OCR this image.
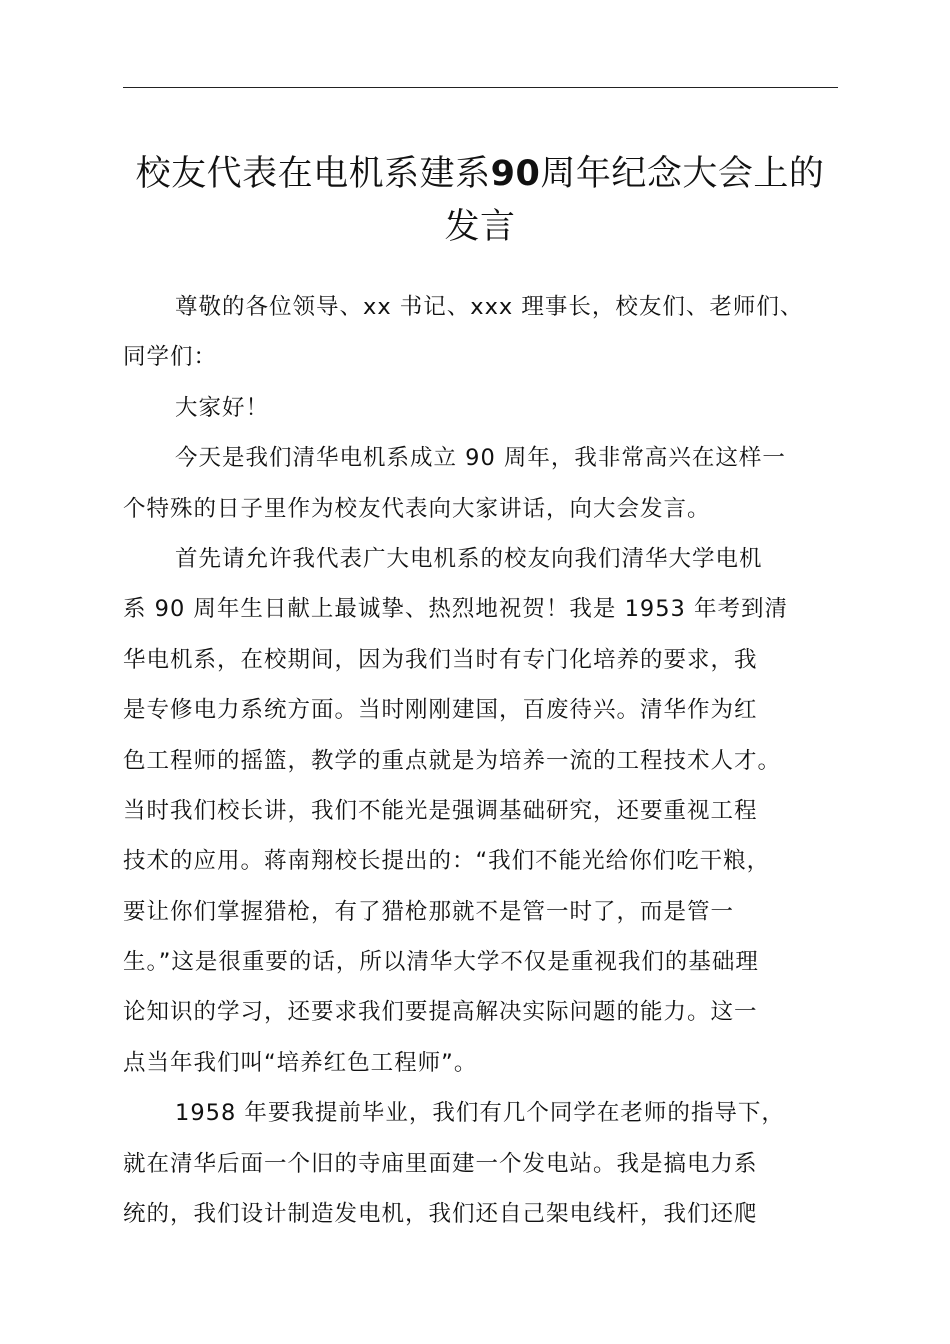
校友代表在电机系建系90周年纪念大会上的
发言

尊敬的各位领导、xx 书记、xxx 理事长，校友们、老师们、
同学们：

大家好！

今天是我们清华电机系成立 90 周年，我非常高兴在这样一
个特殊的日子里作为校友代表向大家讲话，向大会发言。

首先请允许我代表广大电机系的校友向我们清华大学电机
系 90 周年生日献上最诚挚、热烈地祝贺！我是 1953 年考到清
华电机系，在校期间，因为我们当时有专门化培养的要求，我
是专修电力系统方面。当时刚刚建国，百废待兴。清华作为红
色工程师的摇篮，教学的重点就是为培养一流的工程技术人才。
当时我们校长讲，我们不能光是强调基础研究，还要重视工程
技术的应用。蒋南翔校长提出的：“我们不能光给你们吃干粮，
要让你们掌握猎枪，有了猎枪那就不是管一时了，而是管一
生。”这是很重要的话，所以清华大学不仅是重视我们的基础理
论知识的学习，还要求我们要提高解决实际问题的能力。这一
点当年我们叫“培养红色工程师”。

1958 年要我提前毕业，我们有几个同学在老师的指导下，
就在清华后面一个旧的寺庙里面建一个发电站。我是搞电力系
统的，我们设计制造发电机，我们还自己架电线杆，我们还爬
